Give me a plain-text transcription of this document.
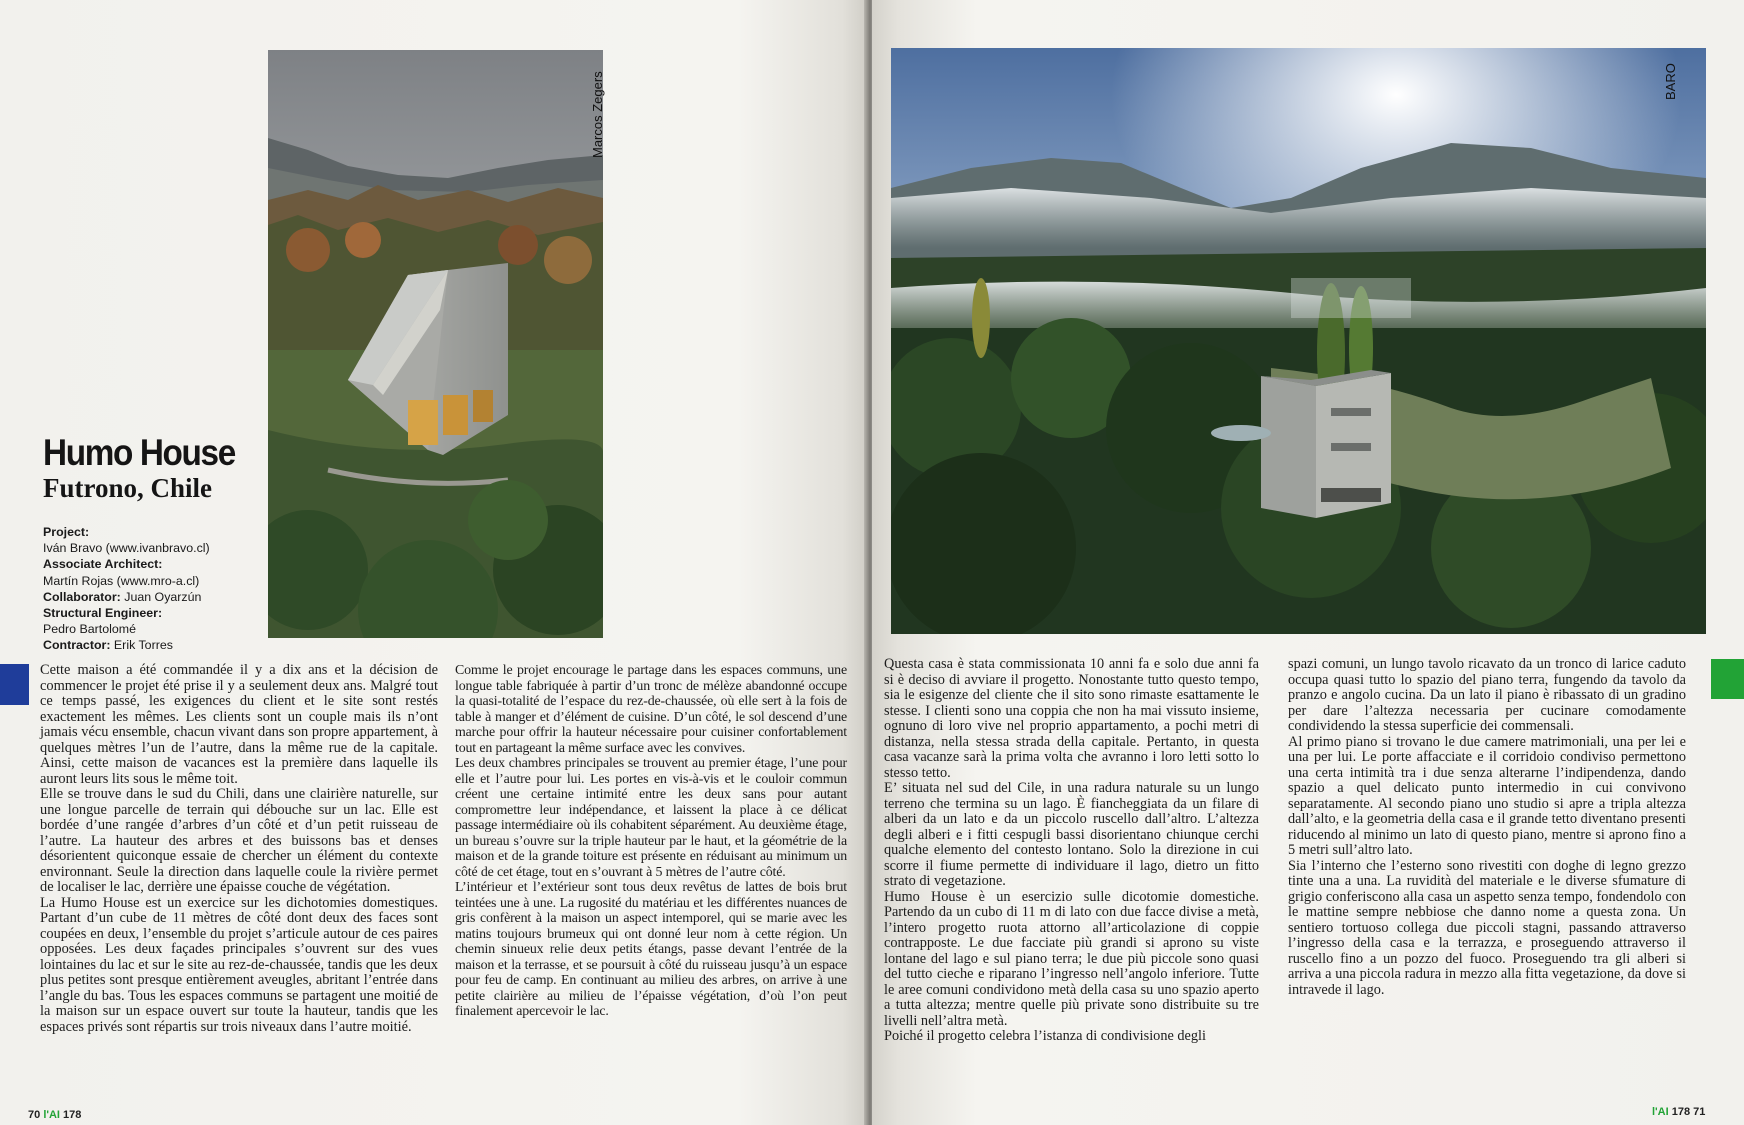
Marcos Zegers
Humo House
Futrono, Chile
Project:
Iván Bravo (www.ivanbravo.cl)
Associate Architect:
Martín Rojas (www.mro-a.cl)
Collaborator: Juan Oyarzún
Structural Engineer:
Pedro Bartolomé
Contractor: Erik Torres

Cette maison a été commandée il y a dix ans et la décision de commencer le projet été prise il y a seulement deux ans. Malgré tout ce temps passé, les exigences du client et le site sont restés exactement les mêmes. Les clients sont un couple mais ils n’ont jamais vécu ensemble, chacun vivant dans son propre appartement, à quelques mètres l’un de l’autre, dans la même rue de la capitale. Ainsi, cette maison de vacances est la première dans laquelle ils auront leurs lits sous le même toit.

Elle se trouve dans le sud du Chili, dans une clairière naturelle, sur une longue parcelle de terrain qui débouche sur un lac. Elle est bordée d’une rangée d’arbres d’un côté et d’un petit ruisseau de l’autre. La hauteur des arbres et des buissons bas et denses désorientent quiconque essaie de chercher un élément du contexte environnant. Seule la direction dans laquelle coule la rivière permet de localiser le lac, derrière une épaisse couche de végétation.

La Humo House est un exercice sur les dichotomies domestiques. Partant d’un cube de 11 mètres de côté dont deux des faces sont coupées en deux, l’ensemble du projet s’articule autour de ces paires opposées. Les deux façades principales s’ouvrent sur des vues lointaines du lac et sur le site au rez-de-chaussée, tandis que les deux plus petites sont presque entièrement aveugles, abritant l’entrée dans l’angle du bas. Tous les espaces communs se partagent une moitié de la maison sur un espace ouvert sur toute la hauteur, tandis que les espaces privés sont répartis sur trois niveaux dans l’autre moitié.

Comme le projet encourage le partage dans les espaces communs, une longue table fabriquée à partir d’un tronc de mélèze abandonné occupe la quasi-totalité de l’espace du rez-de-chaussée, où elle sert à la fois de table à manger et d’élément de cuisine. D’un côté, le sol descend d’une marche pour offrir la hauteur nécessaire pour cuisiner confortablement tout en partageant la même surface avec les convives.

Les deux chambres principales se trouvent au premier étage, l’une pour elle et l’autre pour lui. Les portes en vis-à-vis et le couloir commun créent une certaine intimité entre les deux sans pour autant compromettre leur indépendance, et laissent la place à ce délicat passage intermédiaire où ils cohabitent séparément. Au deuxième étage, un bureau s’ouvre sur la triple hauteur par le haut, et la géométrie de la maison et de la grande toiture est présente en réduisant au minimum un côté de cet étage, tout en s’ouvrant à 5 mètres de l’autre côté.

L’intérieur et l’extérieur sont tous deux revêtus de lattes de bois brut teintées une à une. La rugosité du matériau et les différentes nuances de gris confèrent à la maison un aspect intemporel, qui se marie avec les matins toujours brumeux qui ont donné leur nom à cette région. Un chemin sinueux relie deux petits étangs, passe devant l’entrée de la maison et la terrasse, et se poursuit à côté du ruisseau jusqu’à un espace pour feu de camp. En continuant au milieu des arbres, on arrive à une petite clairière au milieu de l’épaisse végétation, d’où l’on peut finalement apercevoir le lac.

70 l'AI 178
BARO

Questa casa è stata commissionata 10 anni fa e solo due anni fa si è deciso di avviare il progetto. Nonostante tutto questo tempo, sia le esigenze del cliente che il sito sono rimaste esattamente le stesse. I clienti sono una coppia che non ha mai vissuto insieme, ognuno di loro vive nel proprio appartamento, a pochi metri di distanza, nella stessa strada della capitale. Pertanto, in questa casa vacanze sarà la prima volta che avranno i loro letti sotto lo stesso tetto.

E’ situata nel sud del Cile, in una radura naturale su un lungo terreno che termina su un lago. È fiancheggiata da un filare di alberi da un lato e da un piccolo ruscello dall’altro. L’altezza degli alberi e i fitti cespugli bassi disorientano chiunque cerchi qualche elemento del contesto lontano. Solo la direzione in cui scorre il fiume permette di individuare il lago, dietro un fitto strato di vegetazione.

Humo House è un esercizio sulle dicotomie domestiche. Partendo da un cubo di 11 m di lato con due facce divise a metà, l’intero progetto ruota attorno all’articolazione di coppie contrapposte. Le due facciate più grandi si aprono su viste lontane del lago e sul piano terra; le due più piccole sono quasi del tutto cieche e riparano l’ingresso nell’angolo inferiore. Tutte le aree comuni condividono metà della casa su uno spazio aperto a tutta altezza; mentre quelle più private sono distribuite su tre livelli nell’altra metà.

Poiché il progetto celebra l’istanza di condivisione degli

spazi comuni, un lungo tavolo ricavato da un tronco di larice caduto occupa quasi tutto lo spazio del piano terra, fungendo da tavolo da pranzo e angolo cucina. Da un lato il piano è ribassato di un gradino per dare l’altezza necessaria per cucinare comodamente condividendo la stessa superficie dei commensali.

Al primo piano si trovano le due camere matrimoniali, una per lei e una per lui. Le porte affacciate e il corridoio condiviso permettono una certa intimità tra i due senza alterarne l’indipendenza, dando spazio a quel delicato punto intermedio in cui convivono separatamente. Al secondo piano uno studio si apre a tripla altezza dall’alto, e la geometria della casa e il grande tetto diventano presenti riducendo al minimo un lato di questo piano, mentre si aprono fino a 5 metri sull’altro lato.

Sia l’interno che l’esterno sono rivestiti con doghe di legno grezzo tinte una a una. La ruvidità del materiale e le diverse sfumature di grigio conferiscono alla casa un aspetto senza tempo, fondendolo con le mattine sempre nebbiose che danno nome a questa zona. Un sentiero tortuoso collega due piccoli stagni, passando attraverso l’ingresso della casa e la terrazza, e proseguendo attraverso il ruscello fino a un pozzo del fuoco. Proseguendo tra gli alberi si arriva a una piccola radura in mezzo alla fitta vegetazione, da dove si intravede il lago.

l'AI 178 71
